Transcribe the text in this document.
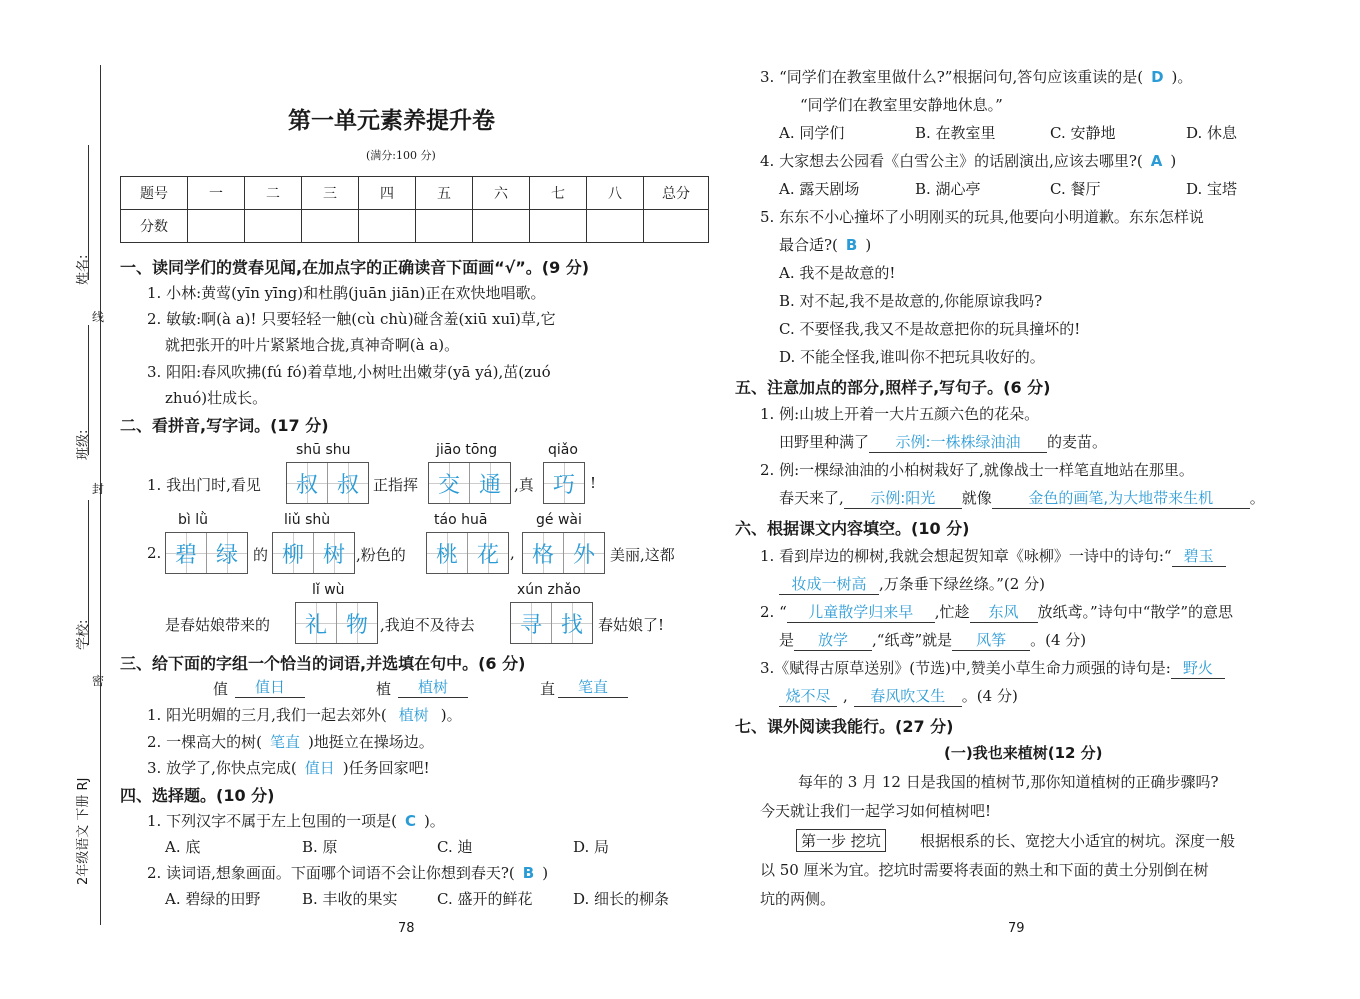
姓名:
班级:
学校:
2年级语文 下册 RJ
线
封
密
第一单元素养提升卷
(满分:100 分)
题号	一	二	三	四	五	六	七	八	总分
分数									
一、读同学们的赏春见闻,在加点字的正确读音下面画“√”。(9 分)
1. 小林:黄莺(yīn yīng)和杜鹃(juān jiān)正在欢快地唱歌。
2. 敏敏:啊(à a)! 只要轻轻一触(cù chù)碰含羞(xiū xuī)草,它
就把张开的叶片紧紧地合拢,真神奇啊(à a)。
3. 阳阳:春风吹拂(fú fó)着草地,小树吐出嫩芽(yā yá),茁(zuó
zhuó)壮成长。
二、看拼音,写字词。(17 分)
1. 我出门时,看见
shū shu
叔 叔 正指挥
jiāo tōng
交 通 ,真
qiǎo
巧	!
2.
bì lǜ
碧 绿	的
liǔ shù
柳 树 ,粉色的
táo huā
桃 花 ,
gé wài
格 外	美丽,这都
是春姑娘带来的
lǐ wù
礼 物 ,我迫不及待去
xún zhǎo
寻 找	春姑娘了!
三、给下面的字组一个恰当的词语,并选填在句中。(6 分)
值	值日	植	植树	直	笔直
1. 阳光明媚的三月,我们一起去郊外( 植树 )。
2. 一棵高大的树( 笔直 )地挺立在操场边。
3. 放学了,你快点完成( 值日 )任务回家吧!
四、选择题。(10 分)
1. 下列汉字不属于左上包围的一项是( C )。
A. 底	B. 原	C. 迪	D. 局
2. 读词语,想象画面。下面哪个词语不会让你想到春天?( B )
A. 碧绿的田野	B. 丰收的果实	C. 盛开的鲜花	D. 细长的柳条
78
3. “同学们在教室里做什么?”根据问句,答句应该重读的是( D )。
“同学们在教室里安静地休息。”
A. 同学们	B. 在教室里	C. 安静地	D. 休息
4. 大家想去公园看《白雪公主》的话剧演出,应该去哪里?( A )
A. 露天剧场	B. 湖心亭	C. 餐厅	D. 宝塔
5. 东东不小心撞坏了小明刚买的玩具,他要向小明道歉。东东怎样说
最合适?( B )
A. 我不是故意的!
B. 对不起,我不是故意的,你能原谅我吗?
C. 不要怪我,我又不是故意把你的玩具撞坏的!
D. 不能全怪我,谁叫你不把玩具收好的。
五、注意加点的部分,照样子,写句子。(6 分)
1. 例:山坡上开着一大片五颜六色的花朵。
田野里种满了 示例:一株株绿油油 的麦苗。
2. 例:一棵绿油油的小柏树栽好了,就像战士一样笔直地站在那里。
春天来了, 示例:阳光 就像 金色的画笔,为大地带来生机 。
六、根据课文内容填空。(10 分)
1. 看到岸边的柳树,我就会想起贺知章《咏柳》一诗中的诗句:“ 碧玉
妆成一树高 ,万条垂下绿丝绦。”(2 分)
2. “ 儿童散学归来早 ,忙趁 东风 放纸鸢。”诗句中“散学”的意思
是 放学 ,“纸鸢”就是 风筝 。(4 分)
3.《赋得古原草送别》(节选)中,赞美小草生命力顽强的诗句是: 野火
烧不尽 , 春风吹又生 。(4 分)
七、课外阅读我能行。(27 分)
(一)我也来植树(12 分)
每年的 3 月 12 日是我国的植树节,那你知道植树的正确步骤吗?
今天就让我们一起学习如何植树吧!
第一步 挖坑	根据根系的长、宽挖大小适宜的树坑。深度一般
以 50 厘米为宜。挖坑时需要将表面的熟土和下面的黄土分别倒在树
坑的两侧。
79
